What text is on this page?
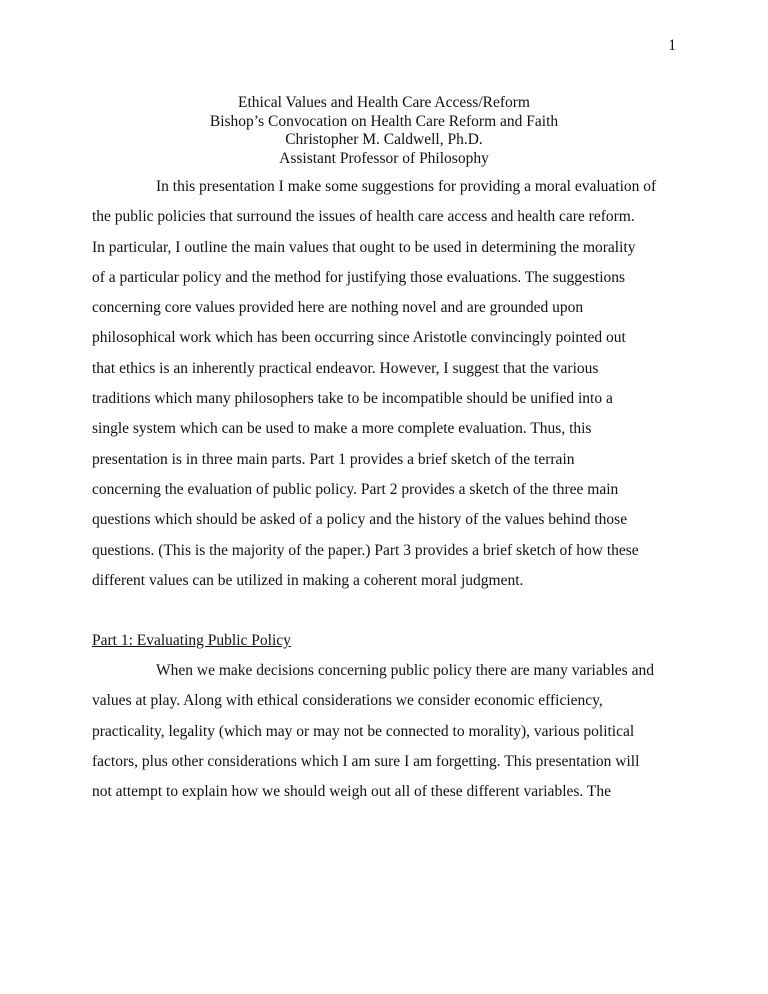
1
Ethical Values and Health Care Access/Reform
Bishop’s Convocation on Health Care Reform and Faith
Christopher M. Caldwell, Ph.D.
Assistant Professor of Philosophy

In this presentation I make some suggestions for providing a moral evaluation of
the public policies that surround the issues of health care access and health care reform.
In particular, I outline the main values that ought to be used in determining the morality
of a particular policy and the method for justifying those evaluations. The suggestions
concerning core values provided here are nothing novel and are grounded upon
philosophical work which has been occurring since Aristotle convincingly pointed out
that ethics is an inherently practical endeavor. However, I suggest that the various
traditions which many philosophers take to be incompatible should be unified into a
single system which can be used to make a more complete evaluation. Thus, this
presentation is in three main parts. Part 1 provides a brief sketch of the terrain
concerning the evaluation of public policy. Part 2 provides a sketch of the three main
questions which should be asked of a policy and the history of the values behind those
questions. (This is the majority of the paper.) Part 3 provides a brief sketch of how these
different values can be utilized in making a coherent moral judgment.

Part 1: Evaluating Public Policy

When we make decisions concerning public policy there are many variables and
values at play. Along with ethical considerations we consider economic efficiency,
practicality, legality (which may or may not be connected to morality), various political
factors, plus other considerations which I am sure I am forgetting. This presentation will
not attempt to explain how we should weigh out all of these different variables. The
